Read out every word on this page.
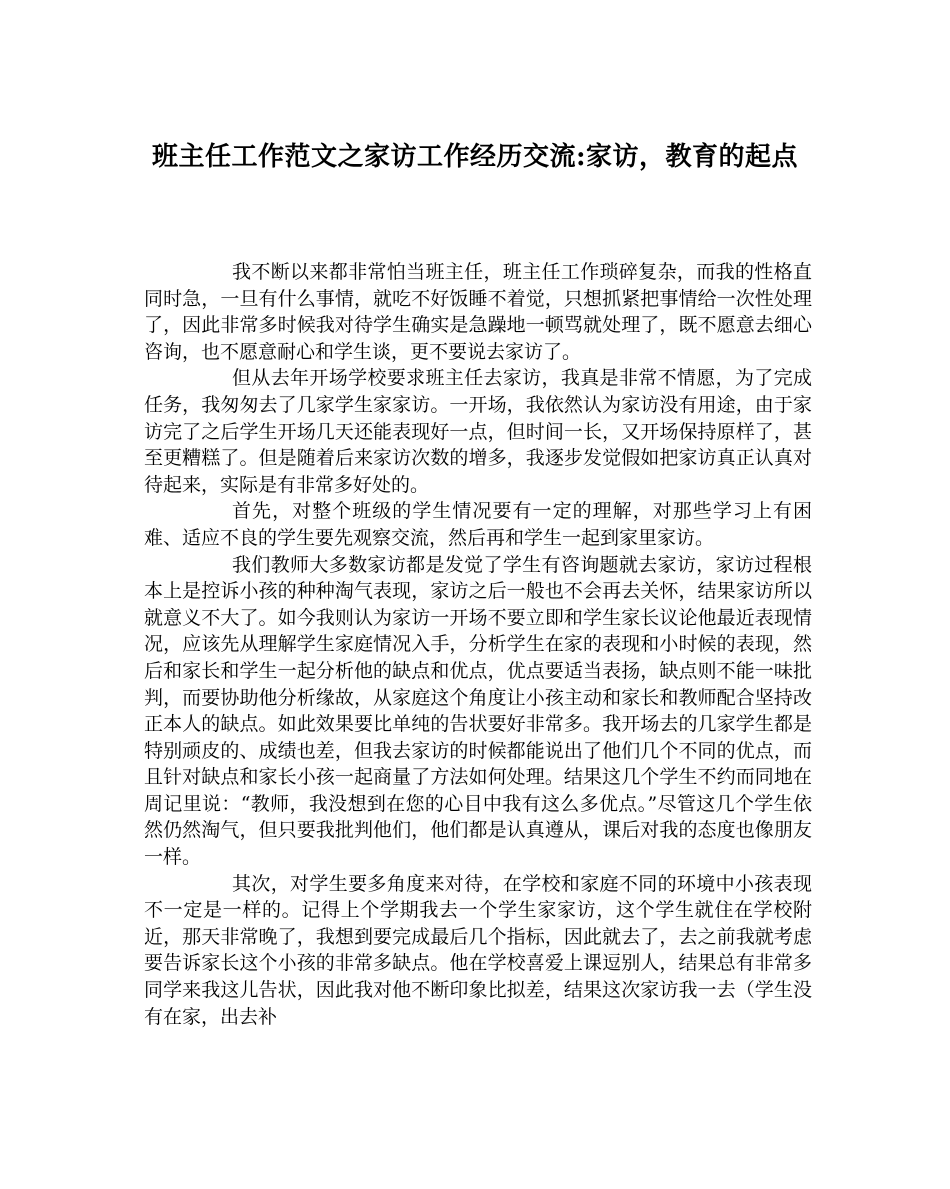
班主任工作范文之家访工作经历交流:家访，教育的起点

我不断以来都非常怕当班主任，班主任工作琐碎复杂，而我的性格直同时急，一旦有什么事情，就吃不好饭睡不着觉，只想抓紧把事情给一次性处理了，因此非常多时候我对待学生确实是急躁地一顿骂就处理了，既不愿意去细心咨询，也不愿意耐心和学生谈，更不要说去家访了。

但从去年开场学校要求班主任去家访，我真是非常不情愿，为了完成任务，我匆匆去了几家学生家家访。一开场，我依然认为家访没有用途，由于家访完了之后学生开场几天还能表现好一点，但时间一长，又开场保持原样了，甚至更糟糕了。但是随着后来家访次数的增多，我逐步发觉假如把家访真正认真对待起来，实际是有非常多好处的。

首先，对整个班级的学生情况要有一定的理解，对那些学习上有困难、适应不良的学生要先观察交流，然后再和学生一起到家里家访。

我们教师大多数家访都是发觉了学生有咨询题就去家访，家访过程根本上是控诉小孩的种种淘气表现，家访之后一般也不会再去关怀，结果家访所以就意义不大了。如今我则认为家访一开场不要立即和学生家长议论他最近表现情况，应该先从理解学生家庭情况入手，分析学生在家的表现和小时候的表现，然后和家长和学生一起分析他的缺点和优点，优点要适当表扬，缺点则不能一味批判，而要协助他分析缘故，从家庭这个角度让小孩主动和家长和教师配合坚持改正本人的缺点。如此效果要比单纯的告状要好非常多。我开场去的几家学生都是特别顽皮的、成绩也差，但我去家访的时候都能说出了他们几个不同的优点，而且针对缺点和家长小孩一起商量了方法如何处理。结果这几个学生不约而同地在周记里说：“教师，我没想到在您的心目中我有这么多优点。”尽管这几个学生依然仍然淘气，但只要我批判他们，他们都是认真遵从，课后对我的态度也像朋友一样。

其次，对学生要多角度来对待，在学校和家庭不同的环境中小孩表现不一定是一样的。记得上个学期我去一个学生家家访，这个学生就住在学校附近，那天非常晚了，我想到要完成最后几个指标，因此就去了，去之前我就考虑要告诉家长这个小孩的非常多缺点。他在学校喜爱上课逗别人，结果总有非常多同学来我这儿告状，因此我对他不断印象比拟差，结果这次家访我一去（学生没有在家，出去补
